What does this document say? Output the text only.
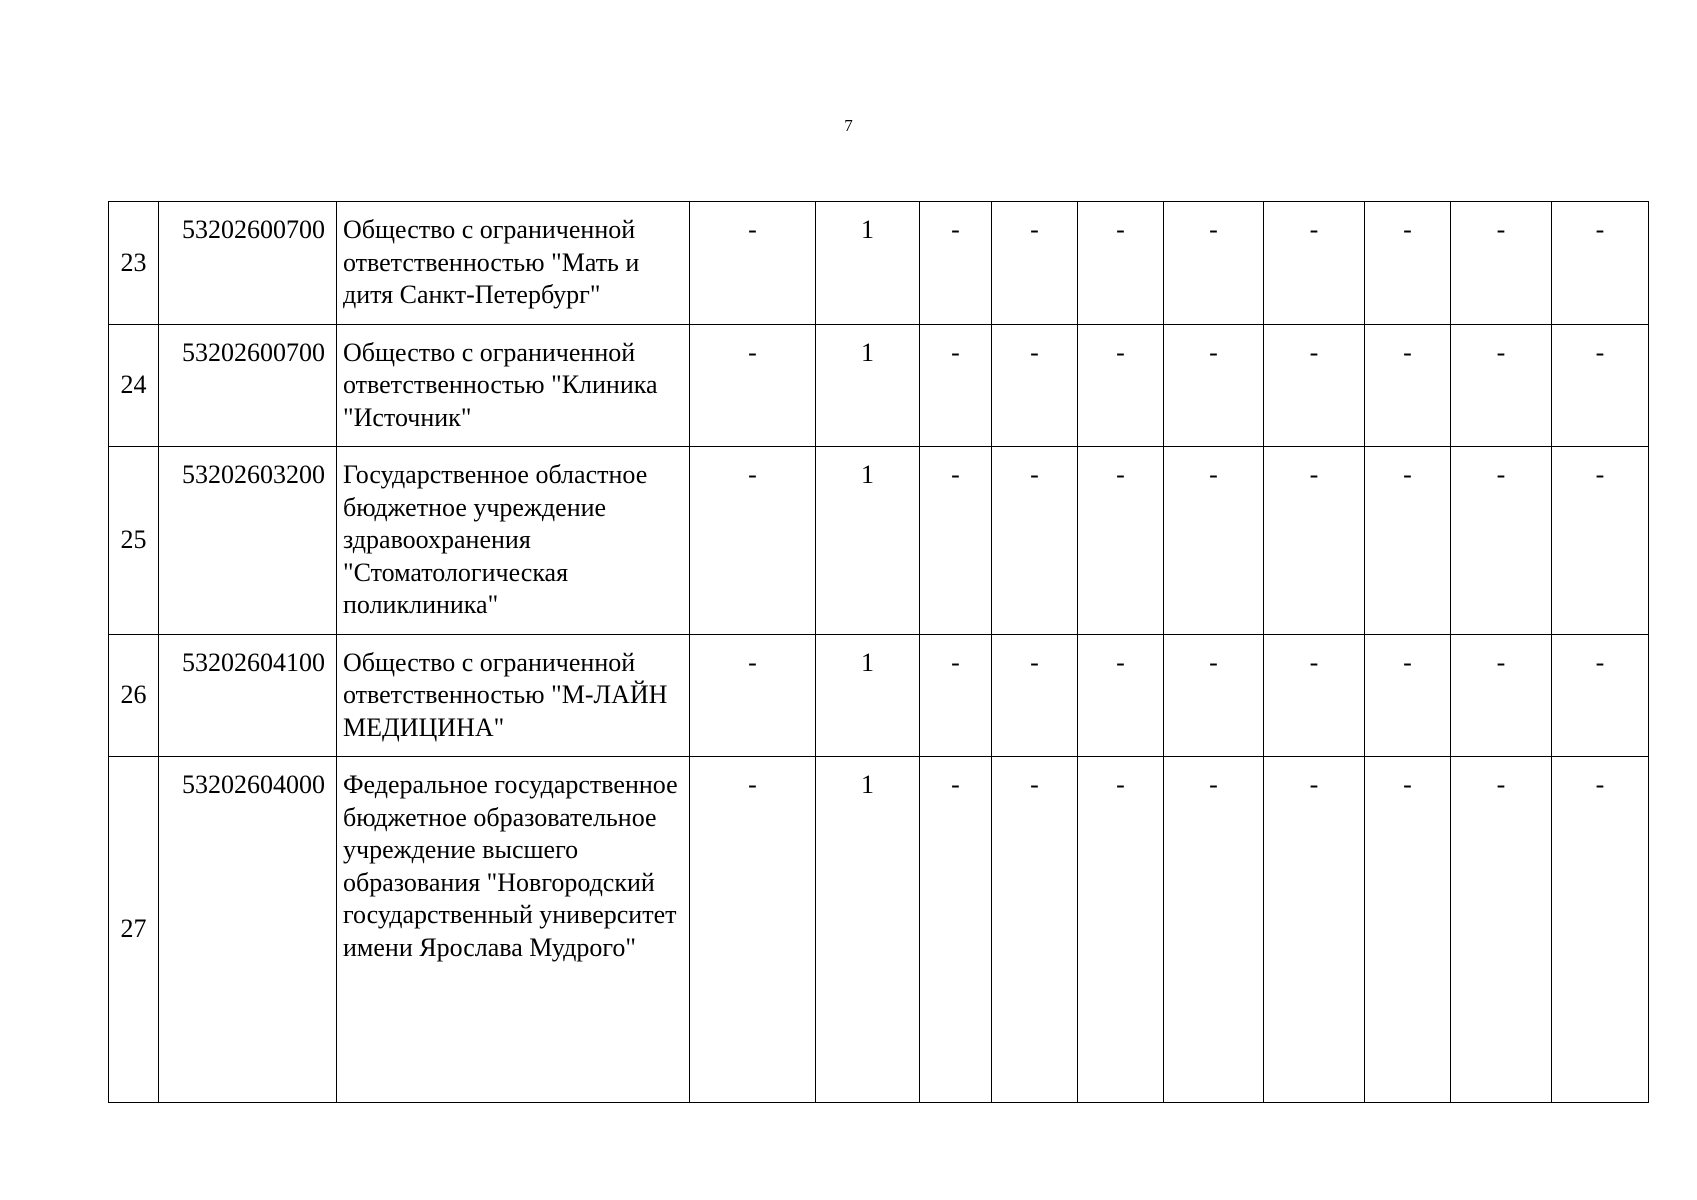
7
23	53202600700	Общество с ограниченной ответственностью "Мать и дитя Санкт-Петербург"	-	1	-	-	-	-	-	-	-	-
24	53202600700	Общество с ограниченной ответственностью "Клиника "Источник"	-	1	-	-	-	-	-	-	-	-
25	53202603200	Государственное областное бюджетное учреждение здравоохранения "Стоматологическая поликлиника"	-	1	-	-	-	-	-	-	-	-
26	53202604100	Общество с ограниченной ответственностью "М-ЛАЙН МЕДИЦИНА"	-	1	-	-	-	-	-	-	-	-
27	53202604000	Федеральное государственное бюджетное образовательное учреждение высшего образования "Новгородский государственный университет имени Ярослава Мудрого"	-	1	-	-	-	-	-	-	-	-
